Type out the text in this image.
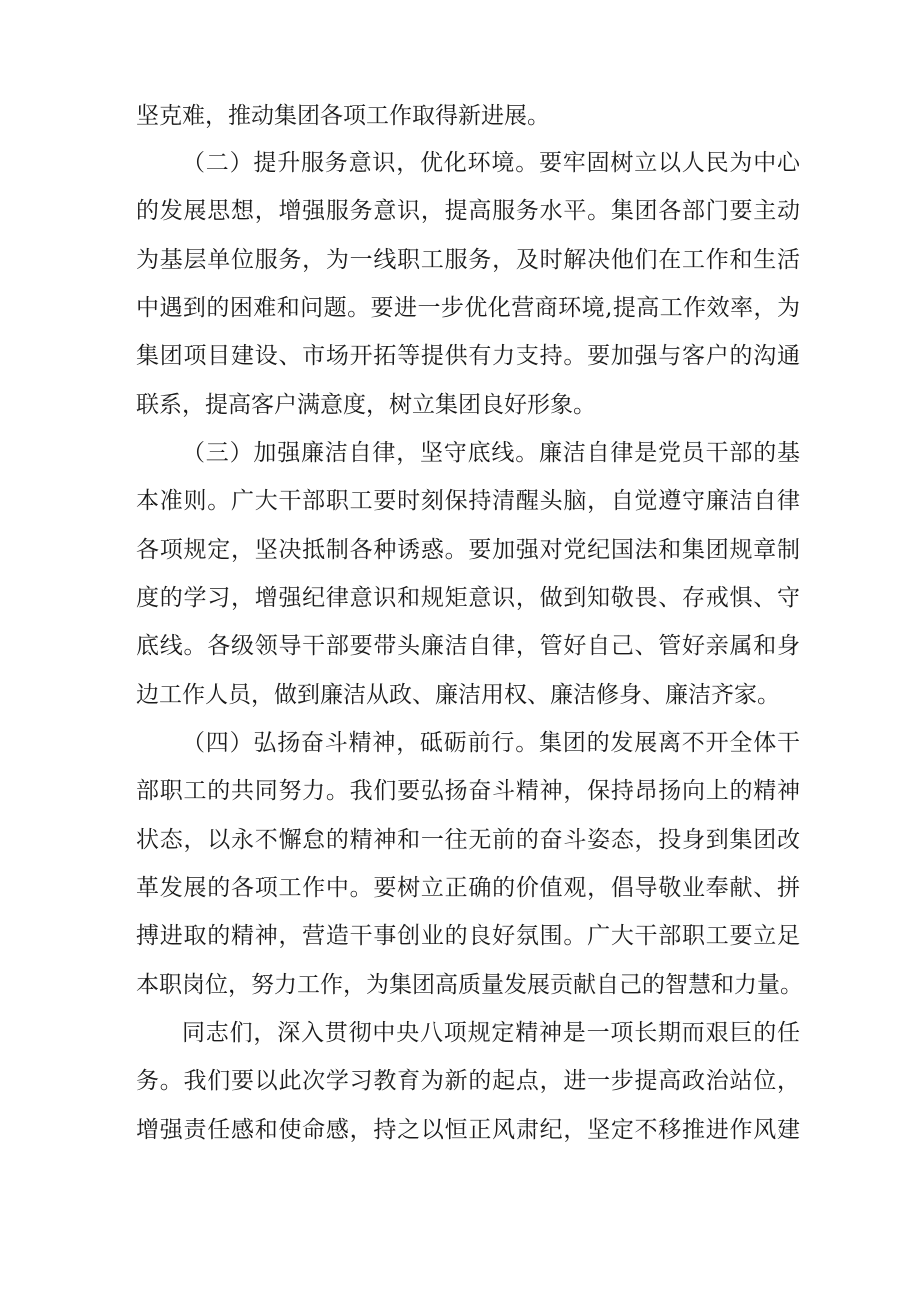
坚克难，推动集团各项工作取得新进展。
（二）提升服务意识，优化环境。要牢固树立以人民为中心
的发展思想，增强服务意识，提高服务水平。集团各部门要主动
为基层单位服务，为一线职工服务，及时解决他们在工作和生活
中遇到的困难和问题。要进一步优化营商环境,提高工作效率，为
集团项目建设、市场开拓等提供有力支持。要加强与客户的沟通
联系，提高客户满意度，树立集团良好形象。
（三）加强廉洁自律，坚守底线。廉洁自律是党员干部的基
本准则。广大干部职工要时刻保持清醒头脑，自觉遵守廉洁自律
各项规定，坚决抵制各种诱惑。要加强对党纪国法和集团规章制
度的学习，增强纪律意识和规矩意识，做到知敬畏、存戒惧、守
底线。各级领导干部要带头廉洁自律，管好自己、管好亲属和身
边工作人员，做到廉洁从政、廉洁用权、廉洁修身、廉洁齐家。
（四）弘扬奋斗精神，砥砺前行。集团的发展离不开全体干
部职工的共同努力。我们要弘扬奋斗精神，保持昂扬向上的精神
状态，以永不懈怠的精神和一往无前的奋斗姿态，投身到集团改
革发展的各项工作中。要树立正确的价值观，倡导敬业奉献、拼
搏进取的精神，营造干事创业的良好氛围。广大干部职工要立足
本职岗位，努力工作，为集团高质量发展贡献自己的智慧和力量。
同志们，深入贯彻中央八项规定精神是一项长期而艰巨的任
务。我们要以此次学习教育为新的起点，进一步提高政治站位，
增强责任感和使命感，持之以恒正风肃纪，坚定不移推进作风建
